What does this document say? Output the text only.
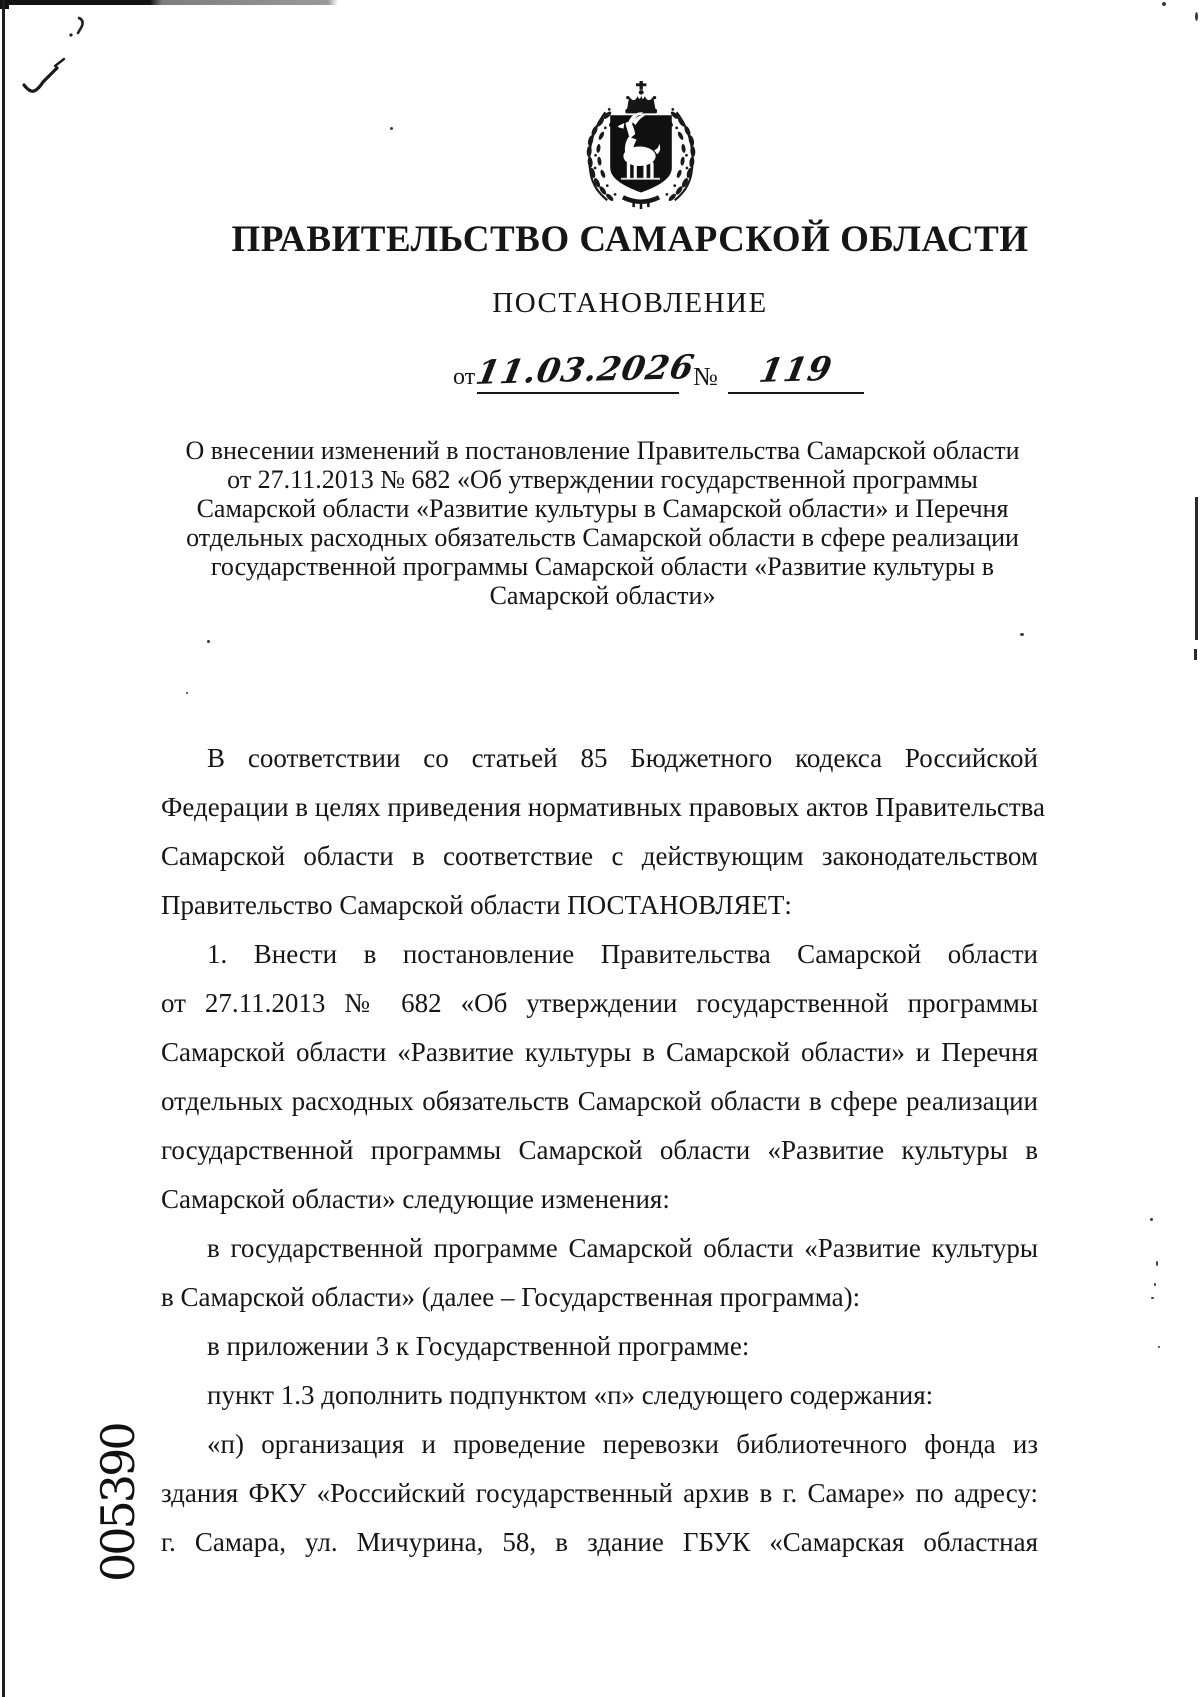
ПРАВИТЕЛЬСТВО САМАРСКОЙ ОБЛАСТИ
ПОСТАНОВЛЕНИЕ
от
11.03.2026
№	119
О внесении изменений в постановление Правительства Самарской области
от 27.11.2013 № 682 «Об утверждении государственной программы
Самарской области «Развитие культуры в Самарской области» и Перечня
отдельных расходных обязательств Самарской области в сфере реализации
государственной программы Самарской области «Развитие культуры в
Самарской области»
В соответствии со статьей 85 Бюджетного кодекса Российской
Федерации в целях приведения нормативных правовых актов Правительства
Самарской области в соответствие с действующим законодательством
Правительство Самарской области ПОСТАНОВЛЯЕТ:
1. Внести в постановление Правительства Самарской области
от 27.11.2013 № 682 «Об утверждении государственной программы
Самарской области «Развитие культуры в Самарской области» и Перечня
отдельных расходных обязательств Самарской области в сфере реализации
государственной программы Самарской области «Развитие культуры в
Самарской области» следующие изменения:
в государственной программе Самарской области «Развитие культуры
в Самарской области» (далее – Государственная программа):
в приложении 3 к Государственной программе:
пункт 1.3 дополнить подпунктом «п» следующего содержания:
«п) организация и проведение перевозки библиотечного фонда из
здания ФКУ «Российский государственный архив в г. Самаре» по адресу:
г. Самара, ул. Мичурина, 58, в здание ГБУК «Самарская областная
005390
